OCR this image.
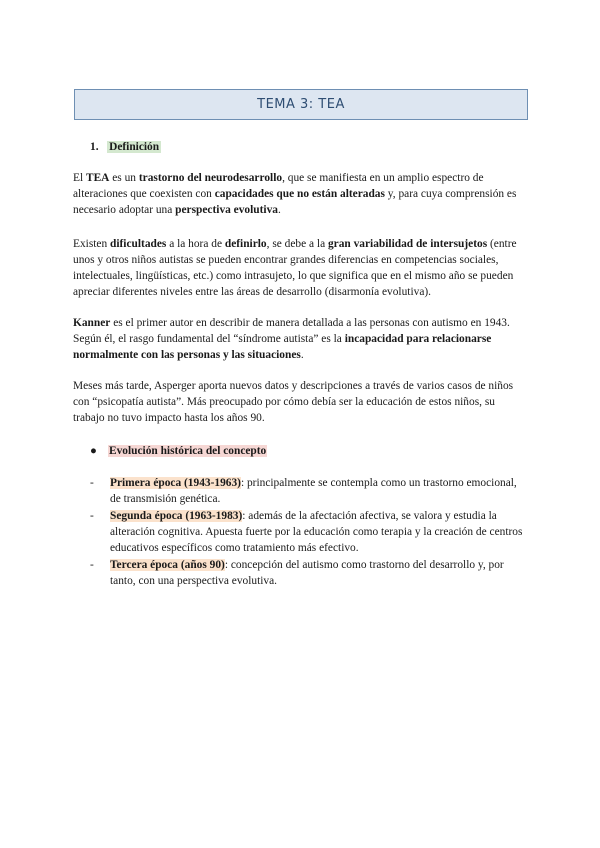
TEMA 3: TEA
1. Definición
El TEA es un trastorno del neurodesarrollo, que se manifiesta en un amplio espectro de alteraciones que coexisten con capacidades que no están alteradas y, para cuya comprensión es necesario adoptar una perspectiva evolutiva.
Existen dificultades a la hora de definirlo, se debe a la gran variabilidad de intersujetos (entre unos y otros niños autistas se pueden encontrar grandes diferencias en competencias sociales, intelectuales, lingüísticas, etc.) como intrasujeto, lo que significa que en el mismo año se pueden apreciar diferentes niveles entre las áreas de desarrollo (disarmonía evolutiva).
Kanner es el primer autor en describir de manera detallada a las personas con autismo en 1943. Según él, el rasgo fundamental del “síndrome autista” es la incapacidad para relacionarse normalmente con las personas y las situaciones.
Meses más tarde, Asperger aporta nuevos datos y descripciones a través de varios casos de niños con “psicopatía autista”. Más preocupado por cómo debía ser la educación de estos niños, su trabajo no tuvo impacto hasta los años 90.
● Evolución histórica del concepto
-	Primera época (1943-1963): principalmente se contempla como un trastorno emocional, de transmisión genética.
-	Segunda época (1963-1983): además de la afectación afectiva, se valora y estudia la alteración cognitiva. Apuesta fuerte por la educación como terapia y la creación de centros educativos específicos como tratamiento más efectivo.
-	Tercera época (años 90): concepción del autismo como trastorno del desarrollo y, por tanto, con una perspectiva evolutiva.
